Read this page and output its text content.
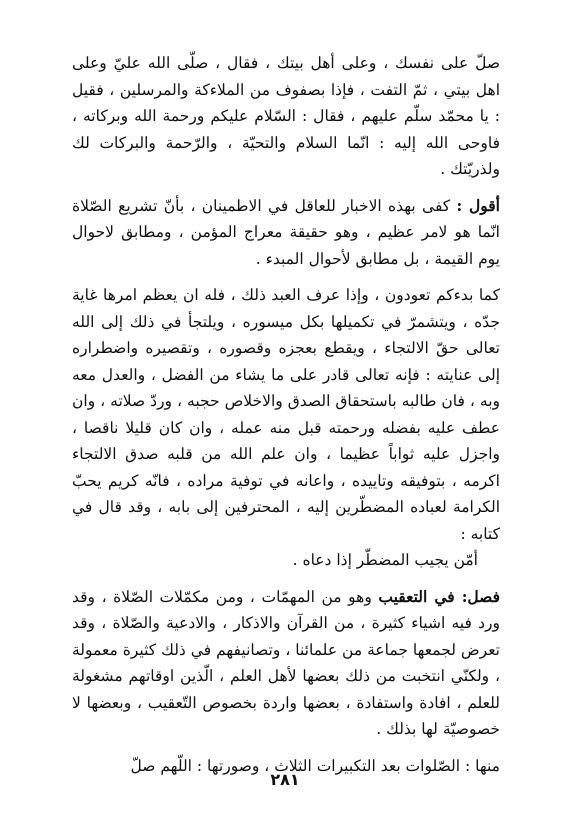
صلّ على نفسك ، وعلى أهل بيتك ، فقال ، صلّى الله عليّ وعلى اهل بيتي ، ثمّ التفت ، فإذا بصفوف من الملاءكة والمرسلين ، فقيل : يا محمّد سلّم عليهم ، فقال : السّلام عليكم ورحمة الله وبركاته ، فاوحى الله إليه : انّما السلام والتحيّة ، والرّحمة والبركات لك ولذريّتك .

أقول : كفى بهذه الاخبار للعاقل في الاطمينان ، بأنّ تشريع الصّلاة انّما هو لامر عظيم ، وهو حقيقة معراج المؤمن ، ومطابق لاحوال يوم القيمة ، بل مطابق لأحوال المبدء .

كما بدءكم تعودون ، وإذا عرف العبد ذلك ، فله ان يعظم امرها غاية جدّه ، ويتشمرّ في تكميلها بكل ميسوره ، ويلتجأ في ذلك إلى الله تعالى حقّ الالتجاء ، ويقطع بعجزه وقصوره ، وتقصيره واضطراره إلى عنايته : فإنه تعالى قادر على ما يشاء من الفضل ، والعدل معه وبه ، فان طالبه باستحقاق الصدق والاخلاص حجبه ، وردّ صلاته ، وان عطف عليه بفضله ورحمته قبل منه عمله ، وان كان قليلا ناقصا ، واجزل عليه ثواباً عظيما ، وان علم الله من قلبه صدق الالتجاء اكرمه ، بتوفيقه وتاييده ، واعانه في توفية مراده ، فانّه كريم يحبّ الكرامة لعباده المضطّرين إليه ، المحترفين إلى بابه ، وقد قال في كتابه :

أمّن يجيب المضطّر إذا دعاه .

فصل: في التعقيب وهو من المهمّات ، ومن مكمّلات الصّلاة ، وقد ورد فيه اشياء كثيرة ، من القرآن والاذكار ، والادعية والصّلاة ، وقد تعرض لجمعها جماعة من علمائنا ، وتصانيفهم في ذلك كثيرة معمولة ، ولكنّي انتخبت من ذلك بعضها لأهل العلم ، الّذين اوقاتهم مشغولة للعلم ، افادة واستفادة ، بعضها واردة بخصوص التّعقيب ، وبعضها لا خصوصيّة لها بذلك .

منها : الصّلوات بعد التكبيرات الثلاث ، وصورتها : اللّهم صلّ

٢٨١
